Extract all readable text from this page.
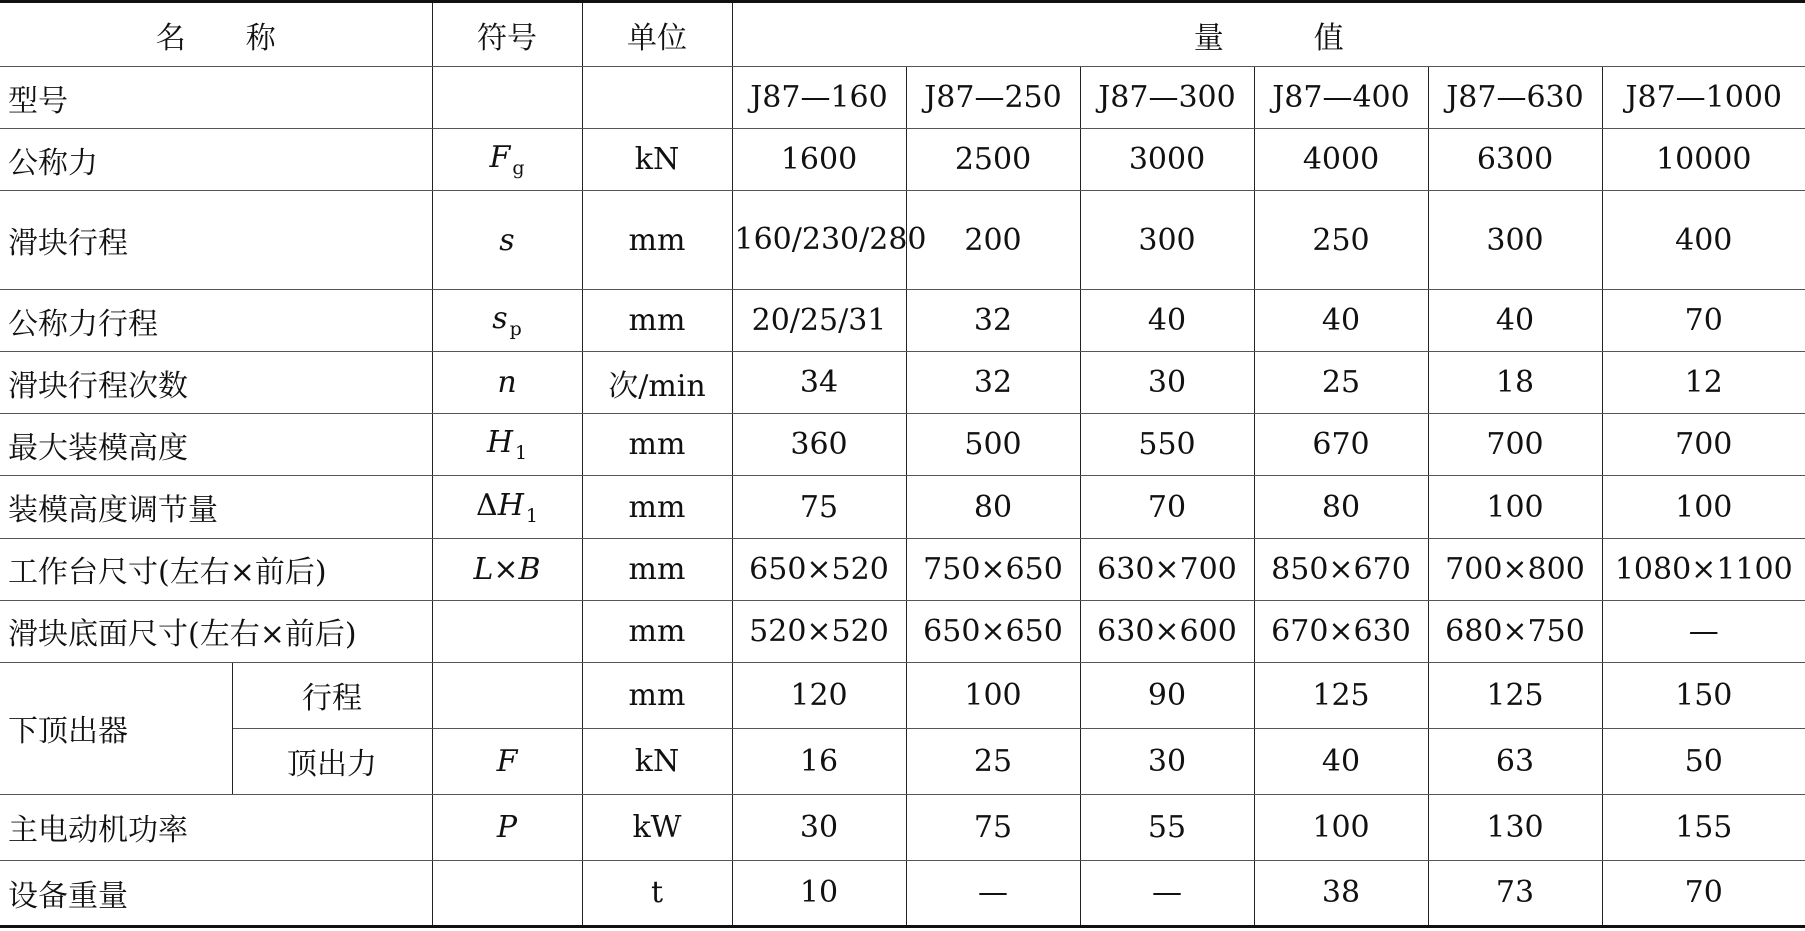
名　　称		符号	单位	量　　　值					
型号				J87—160	J87—250	J87—300	J87—400	J87—630	J87—1000
公称力		F $_g$	kN	1600	2500	3000	4000	6300	10000
滑块行程		s	mm	160/230/280	200	300	250	300	400
公称力行程		s $_p$	mm	20/25/31	32	40	40	40	70
滑块行程次数		n	次/min	34	32	30	25	18	12
最大装模高度		H $_1$	mm	360	500	550	670	700	700
装模高度调节量		ΔH $_1$	mm	75	80	70	80	100	100
工作台尺寸(左右×前后)		L×B	mm	650×520	750×650	630×700	850×670	700×800	1080×1100
滑块底面尺寸(左右×前后)			mm	520×520	650×650	630×600	670×630	680×750	—
下顶出器	行程		mm	120	100	90	125	125	150
	顶出力	F	kN	16	25	30	40	63	50
主电动机功率		P	kW	30	75	55	100	130	155
设备重量			t	10	—	—	38	73	70
